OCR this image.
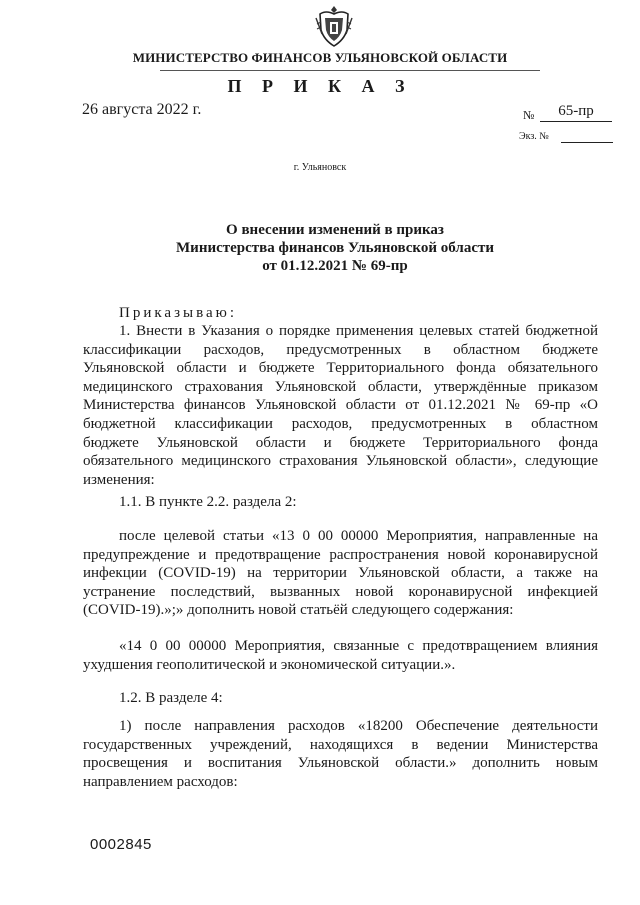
МИНИСТЕРСТВО ФИНАНСОВ УЛЬЯНОВСКОЙ ОБЛАСТИ
П Р И К А З
26 августа 2022 г.	№	65-пр
Экз. №
г. Ульяновск
О внесении изменений в приказ
Министерства финансов Ульяновской области
от 01.12.2021 № 69-пр
Приказываю:
1. Внести в Указания о порядке применения целевых статей бюджетной
классификации расходов, предусмотренных в областном бюджете
Ульяновской области и бюджете Территориального фонда обязательного
медицинского страхования Ульяновской области, утверждённые приказом
Министерства финансов Ульяновской области от 01.12.2021 № 69-пр «О
бюджетной классификации расходов, предусмотренных в областном
бюджете Ульяновской области и бюджете Территориального фонда
обязательного медицинского страхования Ульяновской области», следующие
изменения:
1.1. В пункте 2.2. раздела 2:
после целевой статьи «13 0 00 00000 Мероприятия, направленные на
предупреждение и предотвращение распространения новой коронавирусной
инфекции (COVID-19) на территории Ульяновской области, а также на
устранение последствий, вызванных новой коронавирусной инфекцией
(COVID-19).»;» дополнить новой статьёй следующего содержания:
«14 0 00 00000 Мероприятия, связанные с предотвращением влияния
ухудшения геополитической и экономической ситуации.».
1.2. В разделе 4:
1) после направления расходов «18200 Обеспечение деятельности
государственных учреждений, находящихся в ведении Министерства
просвещения и воспитания Ульяновской области.» дополнить новым
направлением расходов:
0002845
